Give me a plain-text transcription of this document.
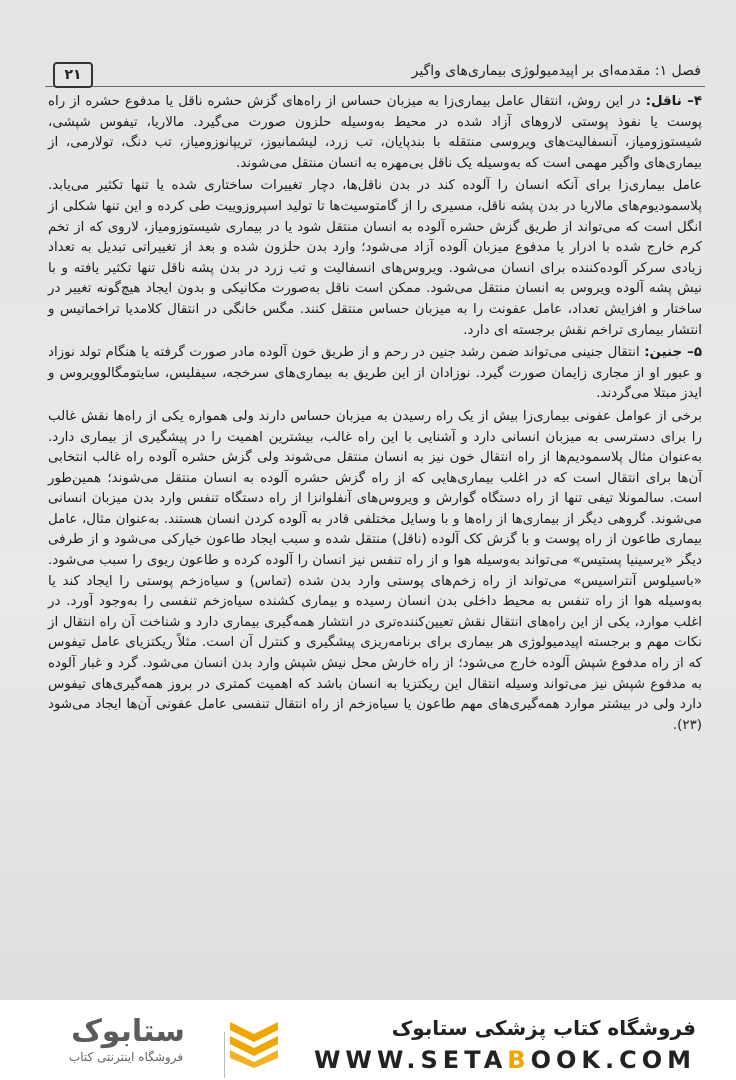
۲۱	فصل ۱: مقدمه‌ای بر اپیدمیولوژی بیماری‌های واگیر

۴– ناقل: در این روش، انتقال عامل بیماری‌زا به میزبان حساس از راه‌های گزش حشره ناقل یا مدفوع حشره از راه پوست یا نفوذ پوستی لاروهای آزاد شده در محیط به‌وسیله حلزون صورت می‌گیرد. مالاریا، تیفوس شپشی، شیستوزومیاز، آنسفالیت‌های ویروسی منتقله با بندپایان، تب زرد، لیشمانیوز، تریپانوزومیاز، تب دنگ، تولارمی، از بیماری‌های واگیر مهمی است که به‌وسیله یک ناقل بی‌مهره به انسان منتقل می‌شوند.

عامل بیماری‌زا برای آنکه انسان را آلوده کند در بدن ناقل‌ها، دچار تغییرات ساختاری شده یا تنها تکثیر می‌یابد. پلاسمودیوم‌های مالاریا در بدن پشه ناقل، مسیری را از گامتوسیت‌ها تا تولید اسپروزوییت طی کرده و این تنها شکلی از انگل است که می‌تواند از طریق گزش حشره آلوده به انسان منتقل شود یا در بیماری شیستوزومیاز، لاروی که از تخم کرم خارج شده با ادرار یا مدفوع میزبان آلوده آزاد می‌شود؛ وارد بدن حلزون شده و بعد از تغییراتی تبدیل به تعداد زیادی سرکر آلوده‌کننده برای انسان می‌شود. ویروس‌های انسفالیت و تب زرد در بدن پشه ناقل تنها تکثیر یافته و با نیش پشه آلوده ویروس به انسان منتقل می‌شود. ممکن است ناقل به‌صورت مکانیکی و بدون ایجاد هیچ‌گونه تغییر در ساختار و افزایش تعداد، عامل عفونت را به میزبان حساس منتقل کنند. مگس خانگی در انتقال کلامدیا تراخماتیس و انتشار بیماری تراخم نقش برجسته ای دارد.

۵– جنین: انتقال جنینی می‌تواند ضمن رشد جنین در رحم و از طریق خون آلوده مادر صورت گرفته یا هنگام تولد نوزاد و عبور او از مجاری زایمان صورت گیرد. نوزادان از این طریق به بیماری‌های سرخجه، سیفلیس، سایتومگالوویروس و ایدز مبتلا می‌گردند.

برخی از عوامل عفونی بیماری‌زا بیش از یک راه رسیدن به میزبان حساس دارند ولی همواره یکی از راه‌ها نقش غالب را برای دسترسی به میزبان انسانی دارد و آشنایی با این راه غالب، بیشترین اهمیت را در پیشگیری از بیماری دارد. به‌عنوان مثال پلاسمودیم‌ها از راه انتقال خون نیز به انسان منتقل می‌شوند ولی گزش حشره آلوده راه غالب انتخابی آن‌ها برای انتقال است که در اغلب بیماری‌هایی که از راه گزش حشره آلوده به انسان منتقل می‌شوند؛ همین‌طور است. سالمونلا تیفی تنها از راه دستگاه گوارش و ویروس‌های آنفلوانزا از راه دستگاه تنفس وارد بدن میزبان انسانی می‌شوند. گروهی دیگر از بیماری‌ها از راه‌ها و با وسایل مختلفی قادر به آلوده کردن انسان هستند. به‌عنوان مثال، عامل بیماری طاعون از راه پوست و با گزش کک آلوده (ناقل) منتقل شده و سبب ایجاد طاعون خیارکی می‌شود و از طرفی دیگر «یرسینیا پستیس» می‌تواند به‌وسیله هوا و از راه تنفس نیز انسان را آلوده کرده و طاعون ریوی را سبب می‌شود. «باسیلوس آنتراسیس» می‌تواند از راه زخم‌های پوستی وارد بدن شده (تماس) و سیاه‌زخم پوستی را ایجاد کند یا به‌وسیله هوا از راه تنفس به محیط داخلی بدن انسان رسیده و بیماری کشنده سیاه‌زخم تنفسی را به‌وجود آورد. در اغلب موارد، یکی از این راه‌های انتقال نقش تعیین‌کننده‌تری در انتشار همه‌گیری بیماری دارد و شناخت آن راه انتقال از نکات مهم و برجسته اپیدمیولوژی هر بیماری برای برنامه‌ریزی پیشگیری و کنترل آن است. مثلاً ریکتزیای عامل تیفوس که از راه مدفوع شپش آلوده خارج می‌شود؛ از راه خارش محل نیش شپش وارد بدن انسان می‌شود. گرد و غبار آلوده به مدفوع شپش نیز می‌تواند وسیله انتقال این ریکتزیا به انسان باشد که اهمیت کمتری در بروز همه‌گیری‌های تیفوس دارد ولی در بیشتر موارد همه‌گیری‌های مهم طاعون یا سیاه‌زخم از راه انتقال تنفسی عامل عفونی آن‌ها ایجاد می‌شود (۲۳).

ستابوک
فروشگاه اینترنتی کتاب
فروشگاه کتاب پزشکی ستابوک
WWW.SETABOOK.COM
